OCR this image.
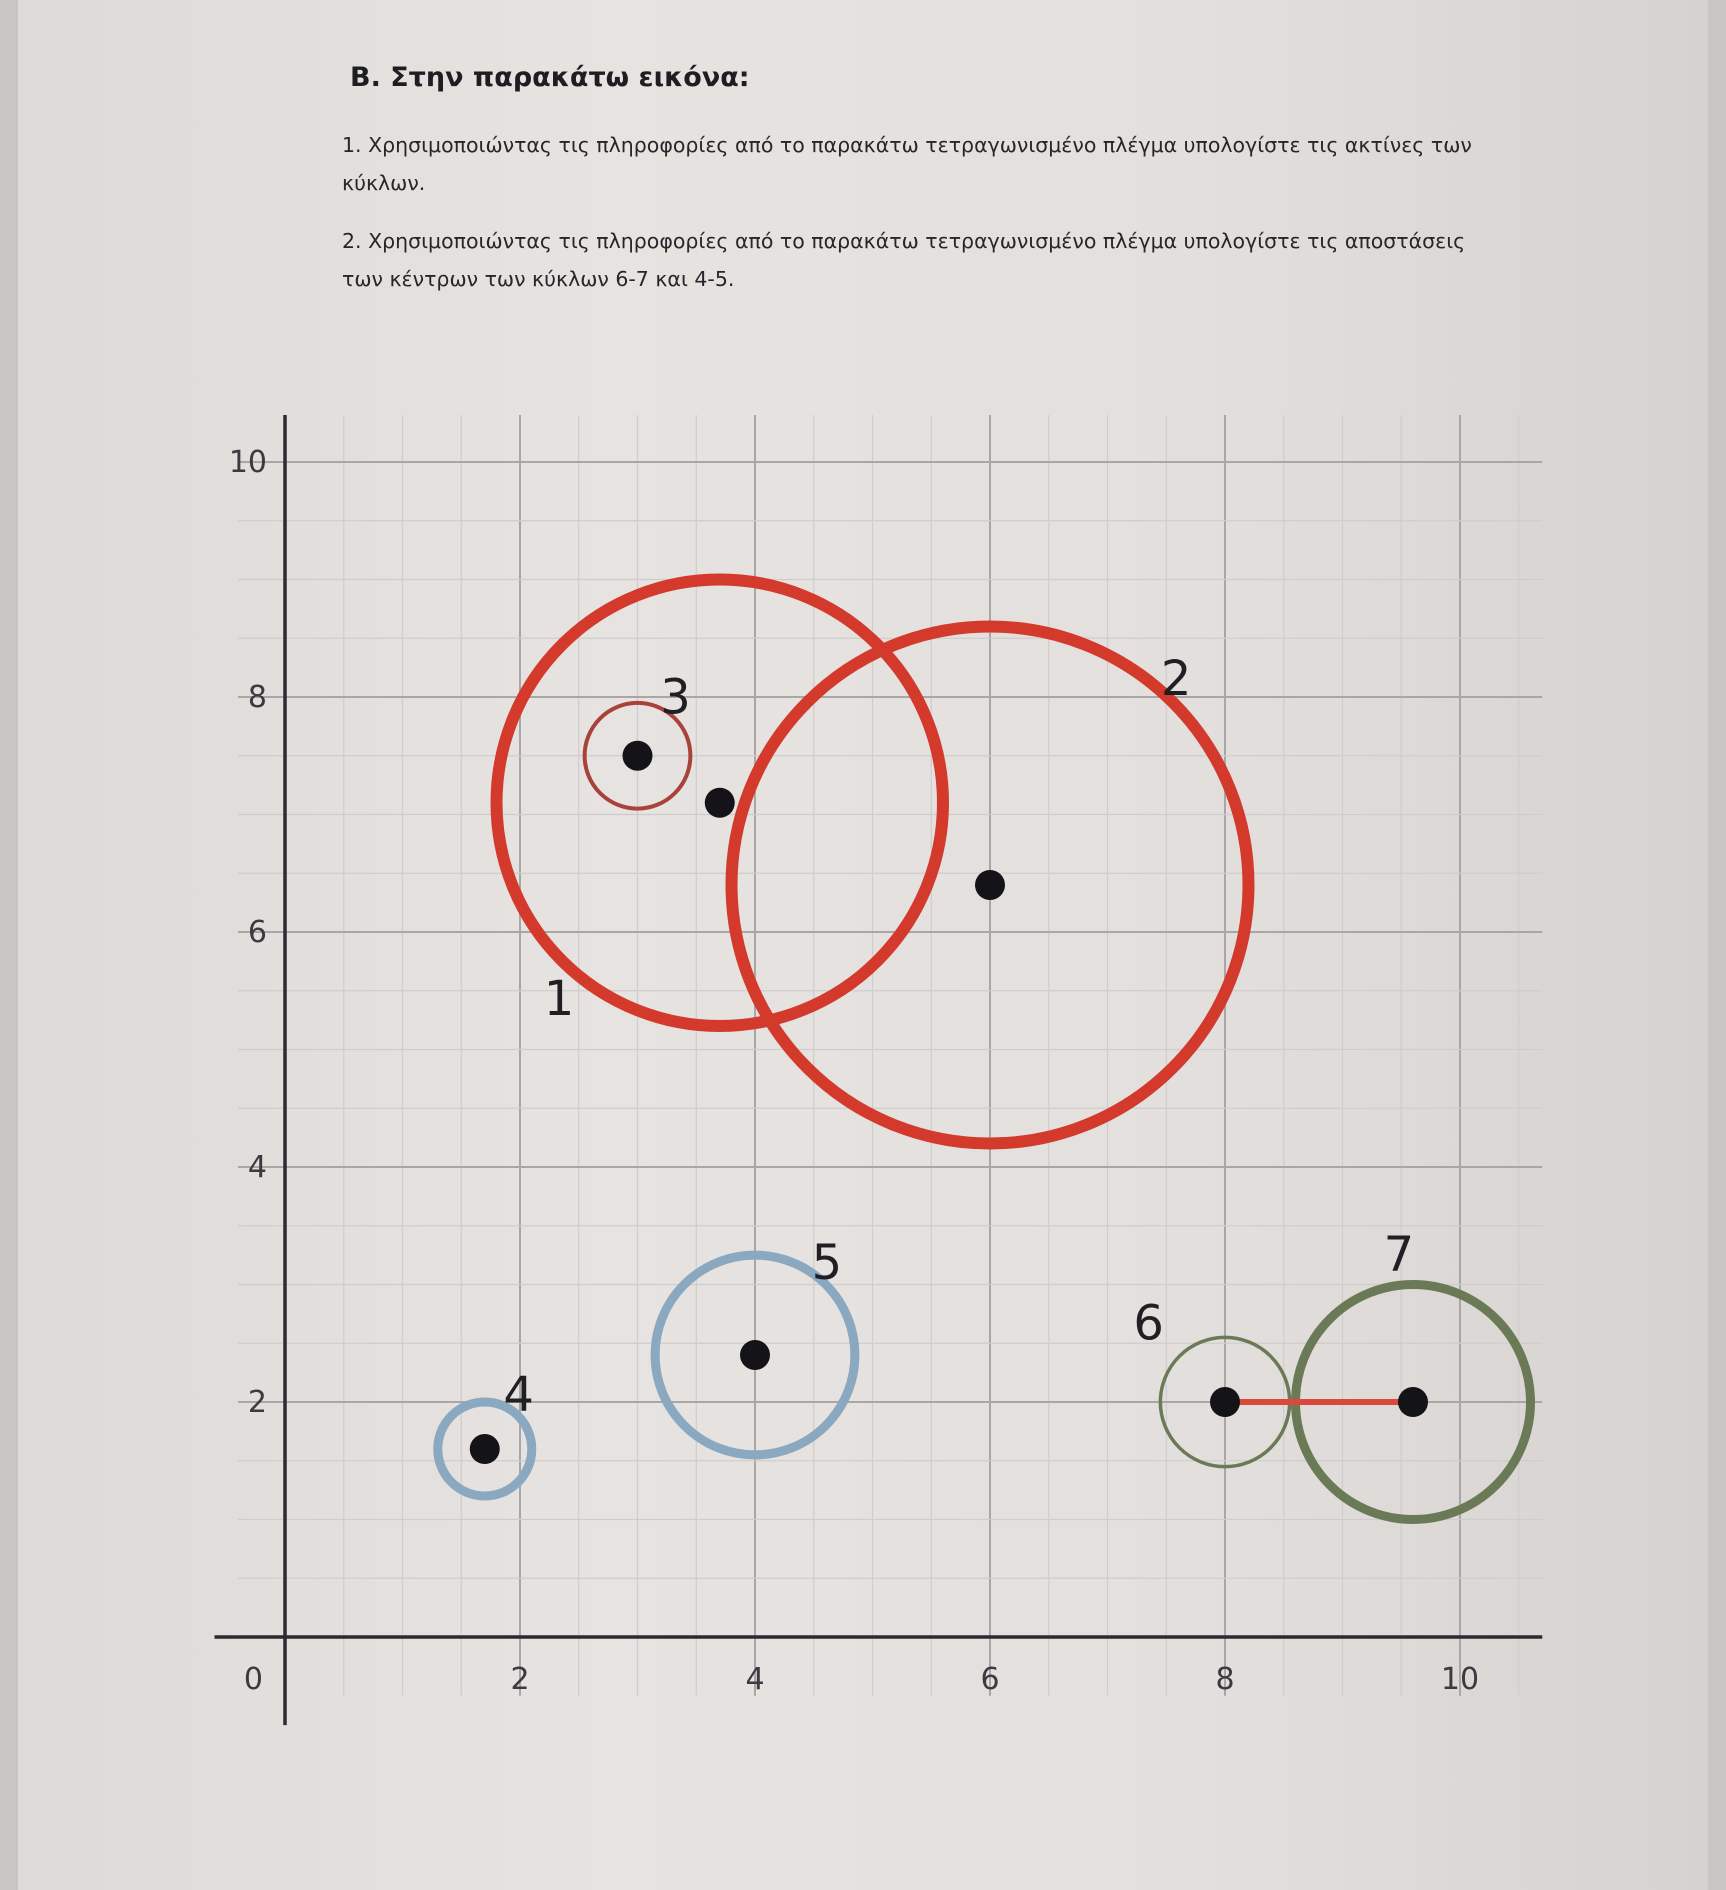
Β. Στην παρακάτω εικόνα:

1. Χρησιμοποιώντας τις πληροφορίες από το παρακάτω τετραγωνισμένο πλέγμα υπολογίστε τις ακτίνες των κύκλων.

2. Χρησιμοποιώντας τις πληροφορίες από το παρακάτω τετραγωνισμένο πλέγμα υπολογίστε τις αποστάσεις των κέντρων των κύκλων 6-7 και 4-5.

1
2
3
4
5
6
7
2	4	6	8	10
2
4
6
8
10
0
